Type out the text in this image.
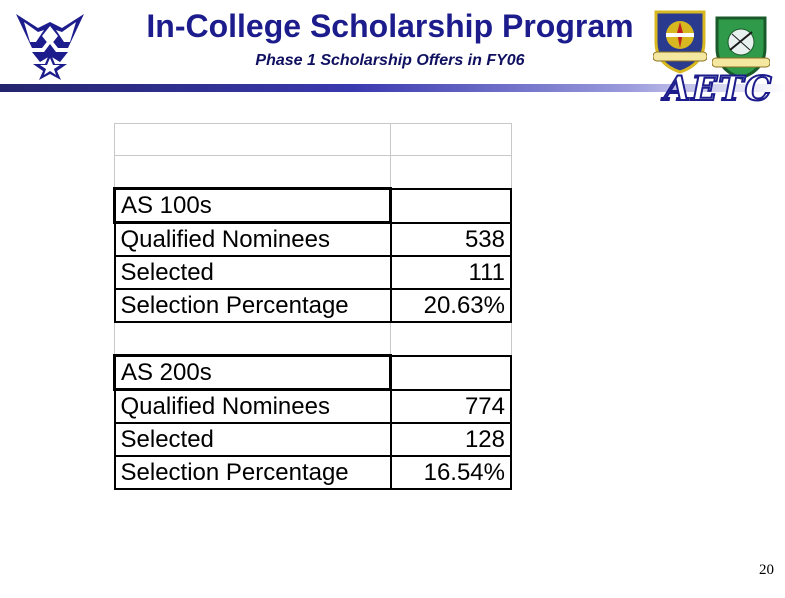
In-College Scholarship Program
Phase 1 Scholarship Offers in FY06
AETC

AS 100s	
Qualified Nominees	538
Selected	111
Selection Percentage	20.63%

AS 200s	
Qualified Nominees	774
Selected	128
Selection Percentage	16.54%
20
